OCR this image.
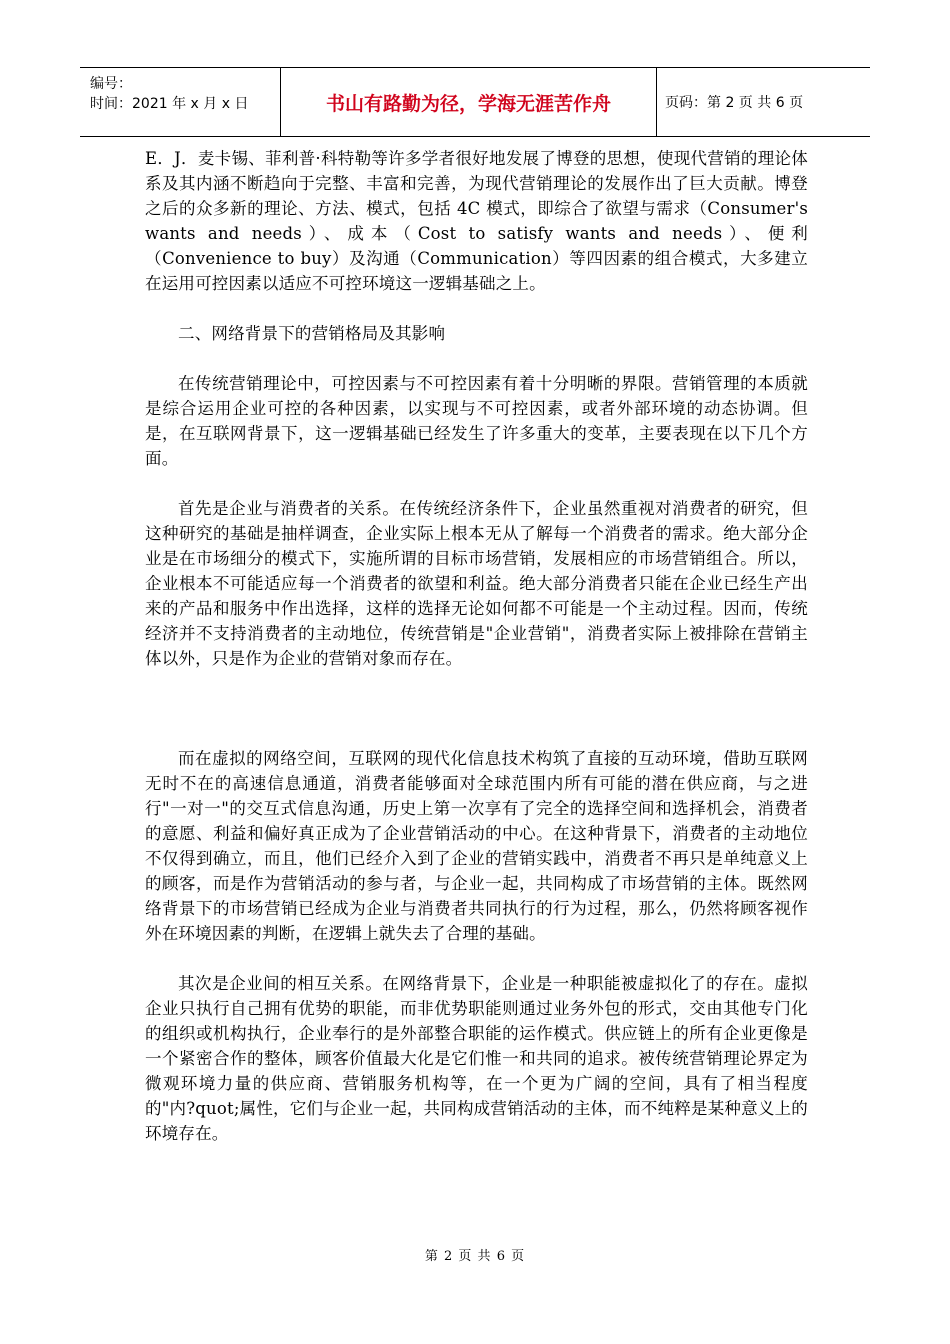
编号：
时间：2021 年 x 月 x 日	书山有路勤为径，学海无涯苦作舟	页码：第 2 页 共 6 页

E．J．麦卡锡、菲利普·科特勒等许多学者很好地发展了博登的思想，使现代营销的理论体系及其内涵不断趋向于完整、丰富和完善，为现代营销理论的发展作出了巨大贡献。博登之后的众多新的理论、方法、模式，包括 4C 模式，即综合了欲望与需求（Consumer's wants and needs）、成本（Cost to satisfy wants and needs）、便利（Convenience to buy）及沟通（Communication）等四因素的组合模式，大多建立在运用可控因素以适应不可控环境这一逻辑基础之上。

二、网络背景下的营销格局及其影响

在传统营销理论中，可控因素与不可控因素有着十分明晰的界限。营销管理的本质就是综合运用企业可控的各种因素，以实现与不可控因素，或者外部环境的动态协调。但是，在互联网背景下，这一逻辑基础已经发生了许多重大的变革，主要表现在以下几个方面。

首先是企业与消费者的关系。在传统经济条件下，企业虽然重视对消费者的研究，但这种研究的基础是抽样调查，企业实际上根本无从了解每一个消费者的需求。绝大部分企业是在市场细分的模式下，实施所谓的目标市场营销，发展相应的市场营销组合。所以，企业根本不可能适应每一个消费者的欲望和利益。绝大部分消费者只能在企业已经生产出来的产品和服务中作出选择，这样的选择无论如何都不可能是一个主动过程。因而，传统经济并不支持消费者的主动地位，传统营销是"企业营销"，消费者实际上被排除在营销主体以外，只是作为企业的营销对象而存在。

而在虚拟的网络空间，互联网的现代化信息技术构筑了直接的互动环境，借助互联网无时不在的高速信息通道，消费者能够面对全球范围内所有可能的潜在供应商，与之进行"一对一"的交互式信息沟通，历史上第一次享有了完全的选择空间和选择机会，消费者的意愿、利益和偏好真正成为了企业营销活动的中心。在这种背景下，消费者的主动地位不仅得到确立，而且，他们已经介入到了企业的营销实践中，消费者不再只是单纯意义上的顾客，而是作为营销活动的参与者，与企业一起，共同构成了市场营销的主体。既然网络背景下的市场营销已经成为企业与消费者共同执行的行为过程，那么，仍然将顾客视作外在环境因素的判断，在逻辑上就失去了合理的基础。

其次是企业间的相互关系。在网络背景下，企业是一种职能被虚拟化了的存在。虚拟企业只执行自己拥有优势的职能，而非优势职能则通过业务外包的形式，交由其他专门化的组织或机构执行，企业奉行的是外部整合职能的运作模式。供应链上的所有企业更像是一个紧密合作的整体，顾客价值最大化是它们惟一和共同的追求。被传统营销理论界定为微观环境力量的供应商、营销服务机构等，在一个更为广阔的空间，具有了相当程度的"内?quot;属性，它们与企业一起，共同构成营销活动的主体，而不纯粹是某种意义上的环境存在。

第 2 页 共 6 页
